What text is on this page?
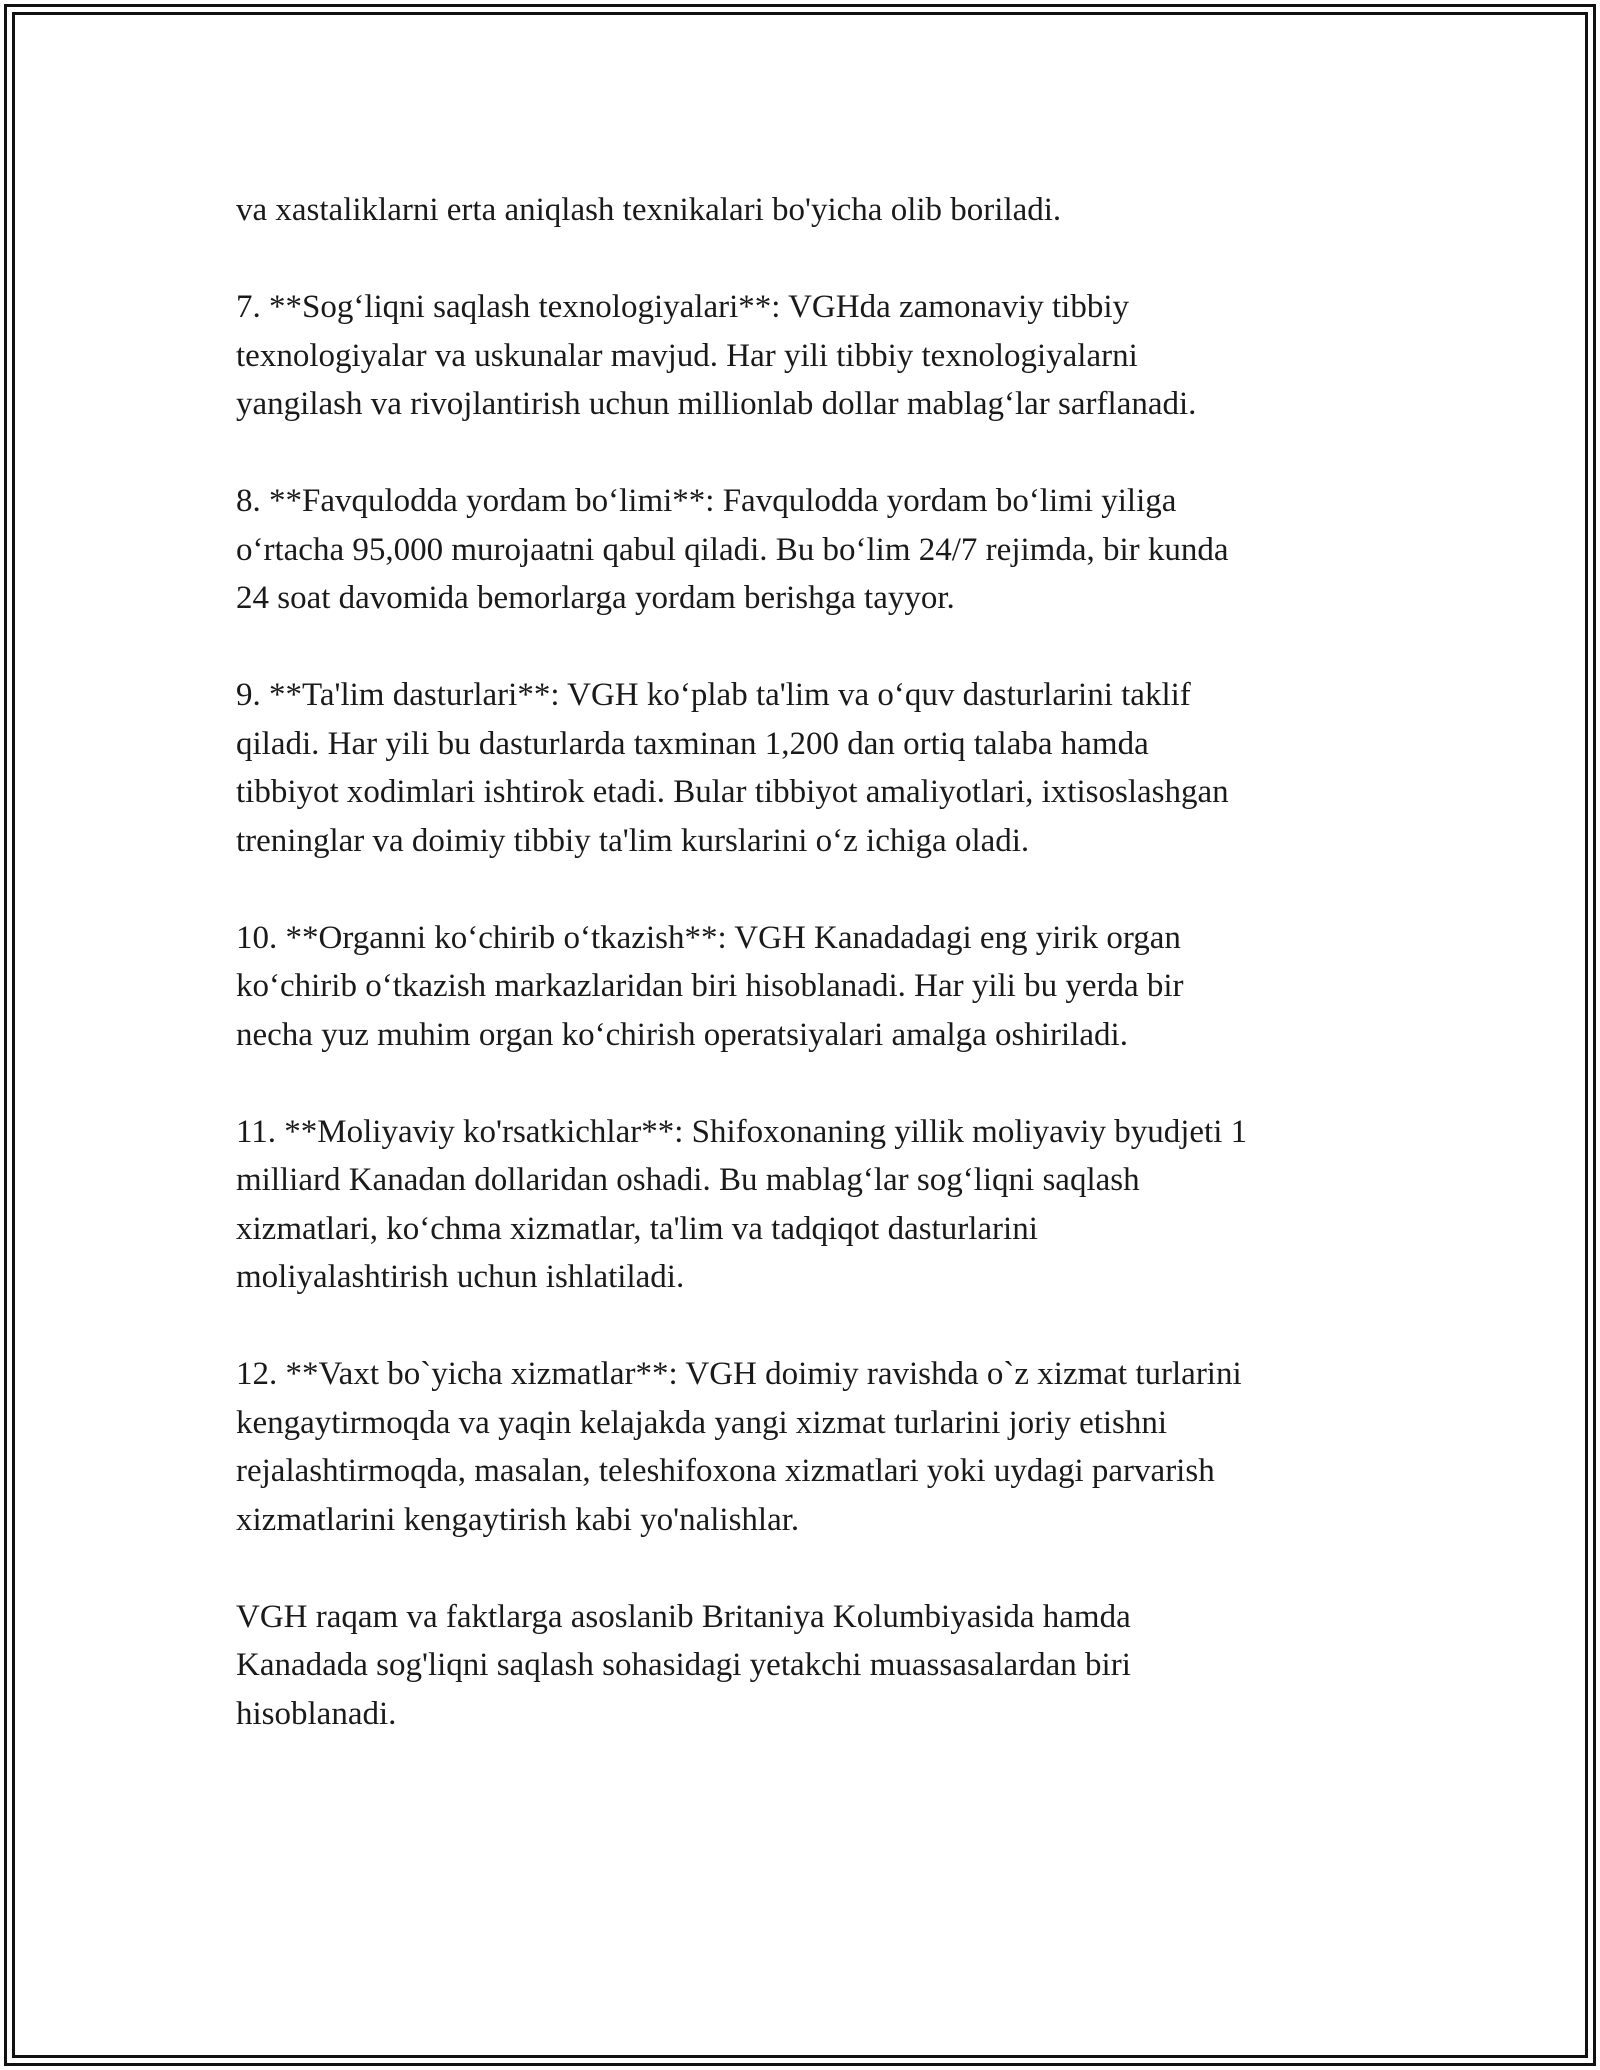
va xastaliklarni erta aniqlash texnikalari bo'yicha olib boriladi.

7. **Sog‘liqni saqlash texnologiyalari**: VGHda zamonaviy tibbiy
texnologiyalar va uskunalar mavjud. Har yili tibbiy texnologiyalarni
yangilash va rivojlantirish uchun millionlab dollar mablag‘lar sarflanadi.

8. **Favqulodda yordam bo‘limi**: Favqulodda yordam bo‘limi yiliga
o‘rtacha 95,000 murojaatni qabul qiladi. Bu bo‘lim 24/7 rejimda, bir kunda
24 soat davomida bemorlarga yordam berishga tayyor.

9. **Ta'lim dasturlari**: VGH ko‘plab ta'lim va o‘quv dasturlarini taklif
qiladi. Har yili bu dasturlarda taxminan 1,200 dan ortiq talaba hamda
tibbiyot xodimlari ishtirok etadi. Bular tibbiyot amaliyotlari, ixtisoslashgan
treninglar va doimiy tibbiy ta'lim kurslarini o‘z ichiga oladi.

10. **Organni ko‘chirib o‘tkazish**: VGH Kanadadagi eng yirik organ
ko‘chirib o‘tkazish markazlaridan biri hisoblanadi. Har yili bu yerda bir
necha yuz muhim organ ko‘chirish operatsiyalari amalga oshiriladi.

11. **Moliyaviy ko'rsatkichlar**: Shifoxonaning yillik moliyaviy byudjeti 1
milliard Kanadan dollaridan oshadi. Bu mablag‘lar sog‘liqni saqlash
xizmatlari, ko‘chma xizmatlar, ta'lim va tadqiqot dasturlarini
moliyalashtirish uchun ishlatiladi.

12. **Vaxt bo`yicha xizmatlar**: VGH doimiy ravishda o`z xizmat turlarini
kengaytirmoqda va yaqin kelajakda yangi xizmat turlarini joriy etishni
rejalashtirmoqda, masalan, teleshifoxona xizmatlari yoki uydagi parvarish
xizmatlarini kengaytirish kabi yo'nalishlar.

VGH raqam va faktlarga asoslanib Britaniya Kolumbiyasida hamda
Kanadada sog'liqni saqlash sohasidagi yetakchi muassasalardan biri
hisoblanadi.
